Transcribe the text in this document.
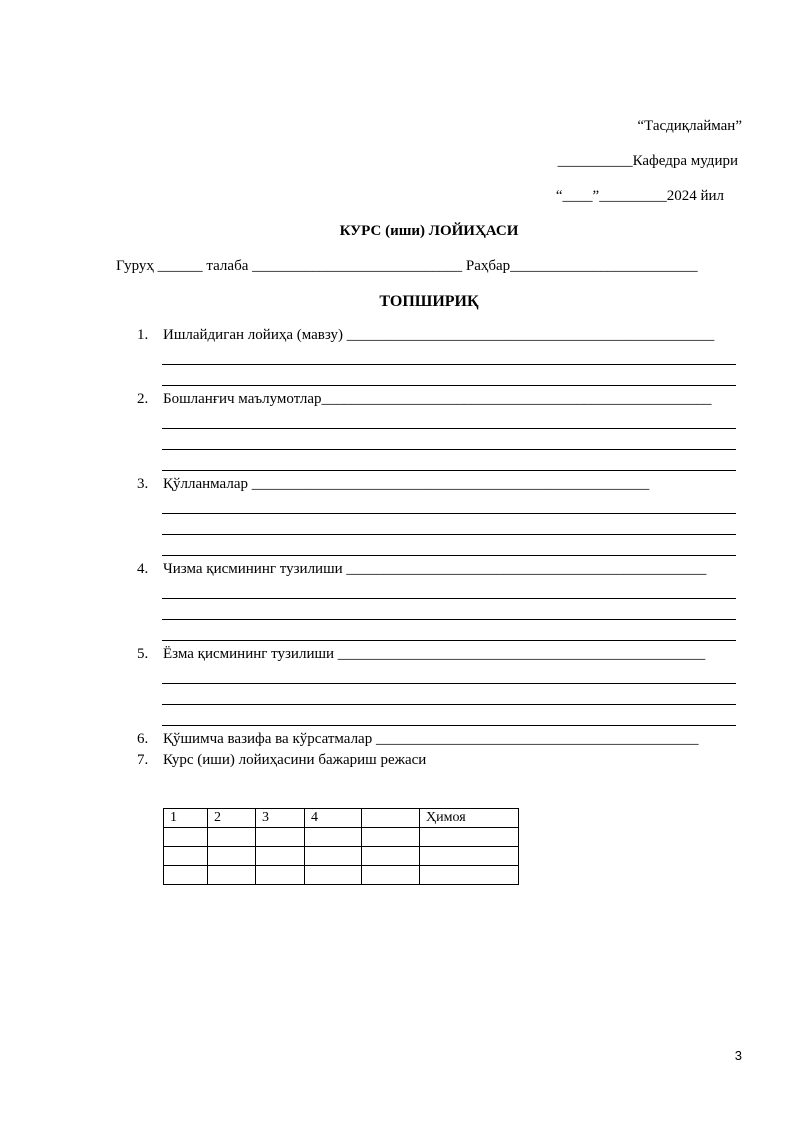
“Тасдиқлайман”
__________Кафедра мудири
“____”_________2024 йил
КУРС (иши) ЛОЙИҲАСИ
Гуруҳ ______ талаба ____________________________ Раҳбар_________________________
ТОПШИРИҚ
1. Ишлайдиган лойиҳа (мавзу) _________________________________________________
2. Бошланғич маълумотлар____________________________________________________
3. Қўлланмалар _____________________________________________________
4. Чизма қисмининг тузилиши ________________________________________________
5. Ёзма қисмининг тузилиши _________________________________________________
6. Қўшимча вазифа ва кўрсатмалар ___________________________________________
7. Курс (иши) лойиҳасини бажариш режаси
1	2	3	4		Ҳимоя

3
